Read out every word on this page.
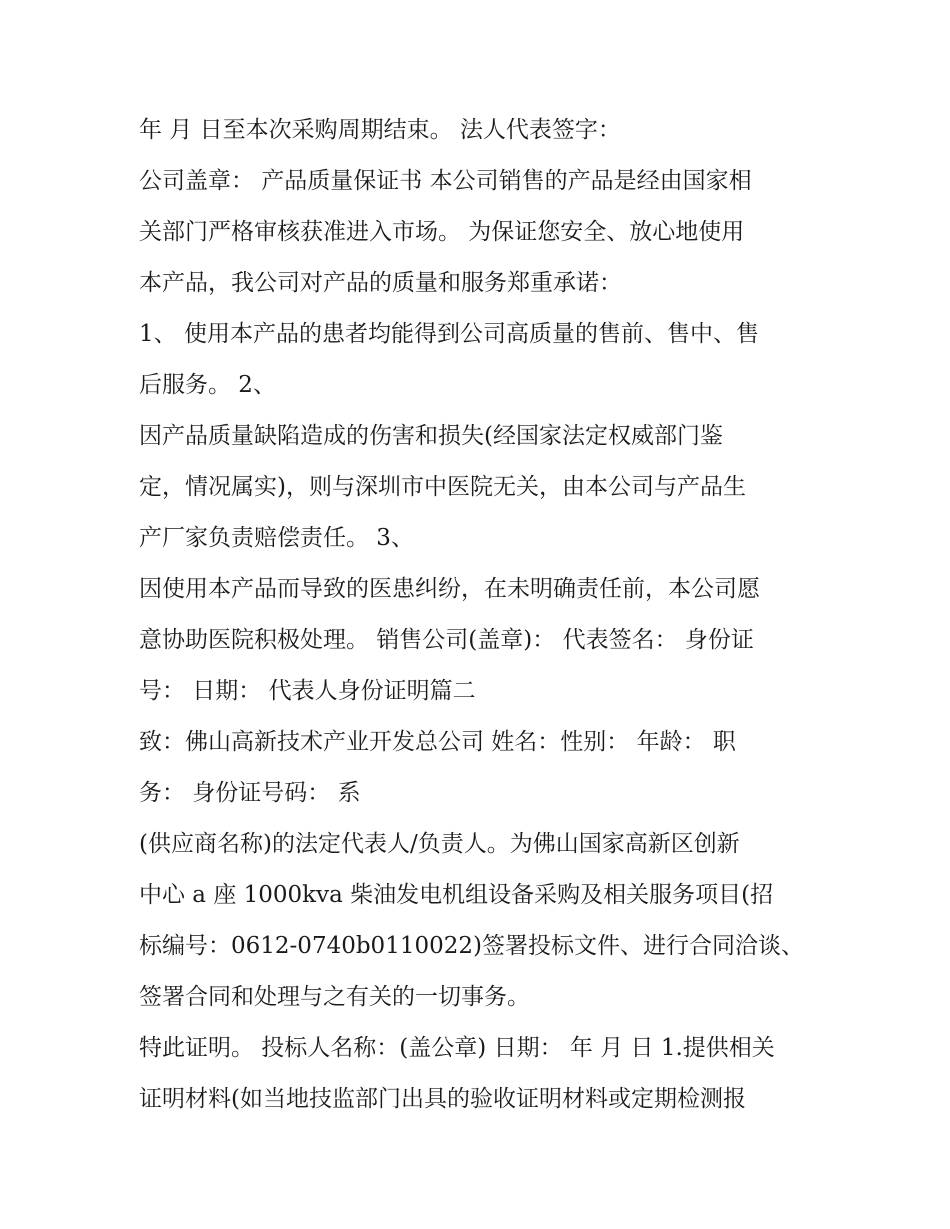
年 月 日至本次采购周期结束。 法人代表签字：
公司盖章： 产品质量保证书 本公司销售的产品是经由国家相
关部门严格审核获准进入市场。 为保证您安全、放心地使用
本产品，我公司对产品的质量和服务郑重承诺：
1、 使用本产品的患者均能得到公司高质量的售前、售中、售
后服务。 2、
因产品质量缺陷造成的伤害和损失(经国家法定权威部门鉴
定，情况属实)，则与深圳市中医院无关，由本公司与产品生
产厂家负责赔偿责任。 3、
因使用本产品而导致的医患纠纷，在未明确责任前，本公司愿
意协助医院积极处理。 销售公司(盖章)： 代表签名： 身份证
号： 日期： 代表人身份证明篇二
致：佛山高新技术产业开发总公司 姓名：性别： 年龄： 职
务： 身份证号码： 系
(供应商名称)的法定代表人/负责人。为佛山国家高新区创新
中心 a 座 1000kva 柴油发电机组设备采购及相关服务项目(招
标编号：0612-0740b0110022)签署投标文件、进行合同洽谈、
签署合同和处理与之有关的一切事务。
特此证明。 投标人名称：(盖公章) 日期： 年 月 日 1.提供相关
证明材料(如当地技监部门出具的验收证明材料或定期检测报
